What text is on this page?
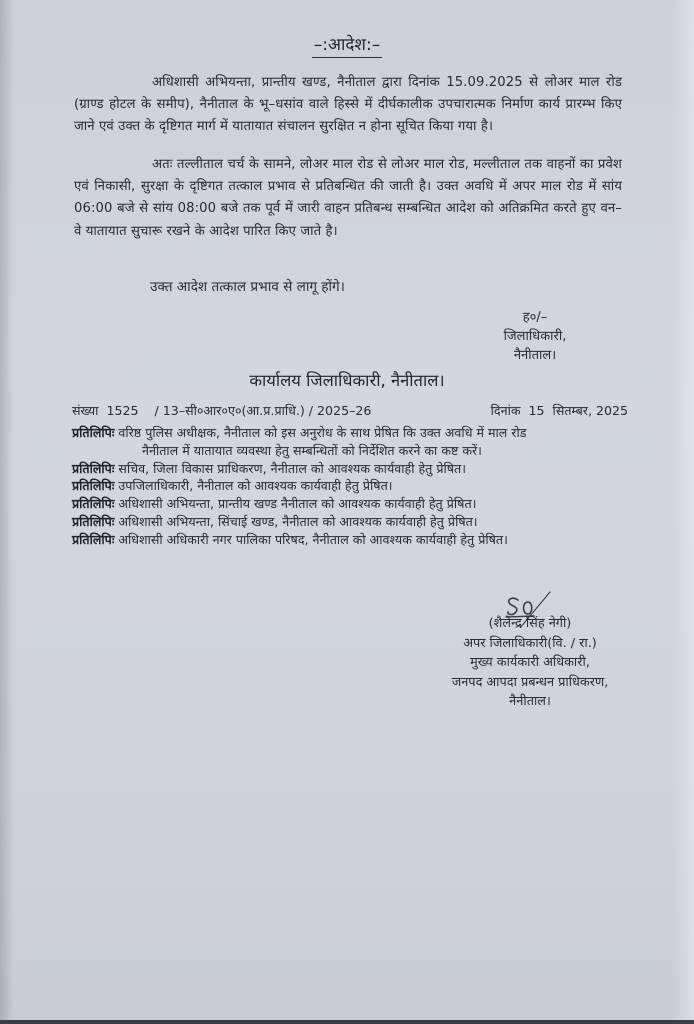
–:आदेश:–
अधिशासी अभियन्ता, प्रान्तीय खण्ड, नैनीताल द्वारा दिनांक 15.09.2025 से लोअर माल रोड (ग्राण्ड होटल के समीप), नैनीताल के भू–धसांव वाले हिस्से में दीर्घकालीक उपचारात्मक निर्माण कार्य प्रारम्भ किए जाने एवं उक्त के दृष्टिगत मार्ग में यातायात संचालन सुरक्षित न होना सूचित किया गया है।
अतः तल्लीताल चर्च के सामने, लोअर माल रोड से लोअर माल रोड, मल्लीताल तक वाहनों का प्रवेश एवं निकासी, सुरक्षा के दृष्टिगत तत्काल प्रभाव से प्रतिबन्धित की जाती है। उक्त अवधि में अपर माल रोड में सांय 06:00 बजे से सांय 08:00 बजे तक पूर्व में जारी वाहन प्रतिबन्ध सम्बन्धित आदेश को अतिक्रमित करते हुए वन–वे यातायात सुचारू रखने के आदेश पारित किए जाते है।
उक्त आदेश तत्काल प्रभाव से लागू होंगे।
ह०/–
जिलाधिकारी,
नैनीताल।
कार्यालय जिलाधिकारी, नैनीताल।
संख्या  1525    / 13–सी०आर०ए०(आ.प्र.प्राधि.) / 2025–26	दिनांक  15  सितम्बर, 2025
प्रतिलिपिः वरिष्ठ पुलिस अधीक्षक, नैनीताल को इस अनुरोध के साथ प्रेषित कि उक्त अवधि में माल रोड
नैनीताल में यातायात व्यवस्था हेतु सम्बन्धितों को निर्देशित करने का कष्ट करें।
प्रतिलिपिः सचिव, जिला विकास प्राधिकरण, नैनीताल को आवश्यक कार्यवाही हेतु प्रेषित।
प्रतिलिपिः उपजिलाधिकारी, नैनीताल को आवश्यक कार्यवाही हेतु प्रेषित।
प्रतिलिपिः अधिशासी अभियन्ता, प्रान्तीय खण्ड नैनीताल को आवश्यक कार्यवाही हेतु प्रेषित।
प्रतिलिपिः अधिशासी अभियन्ता, सिंचाई खण्ड, नैनीताल को आवश्यक कार्यवाही हेतु प्रेषित।
प्रतिलिपिः अधिशासी अधिकारी नगर पालिका परिषद, नैनीताल को आवश्यक कार्यवाही हेतु प्रेषित।
(शैलेन्द्र सिंह नेगी)
अपर जिलाधिकारी(वि. / रा.)
मुख्य कार्यकारी अधिकारी,
जनपद आपदा प्रबन्धन प्राधिकरण,
नैनीताल।
